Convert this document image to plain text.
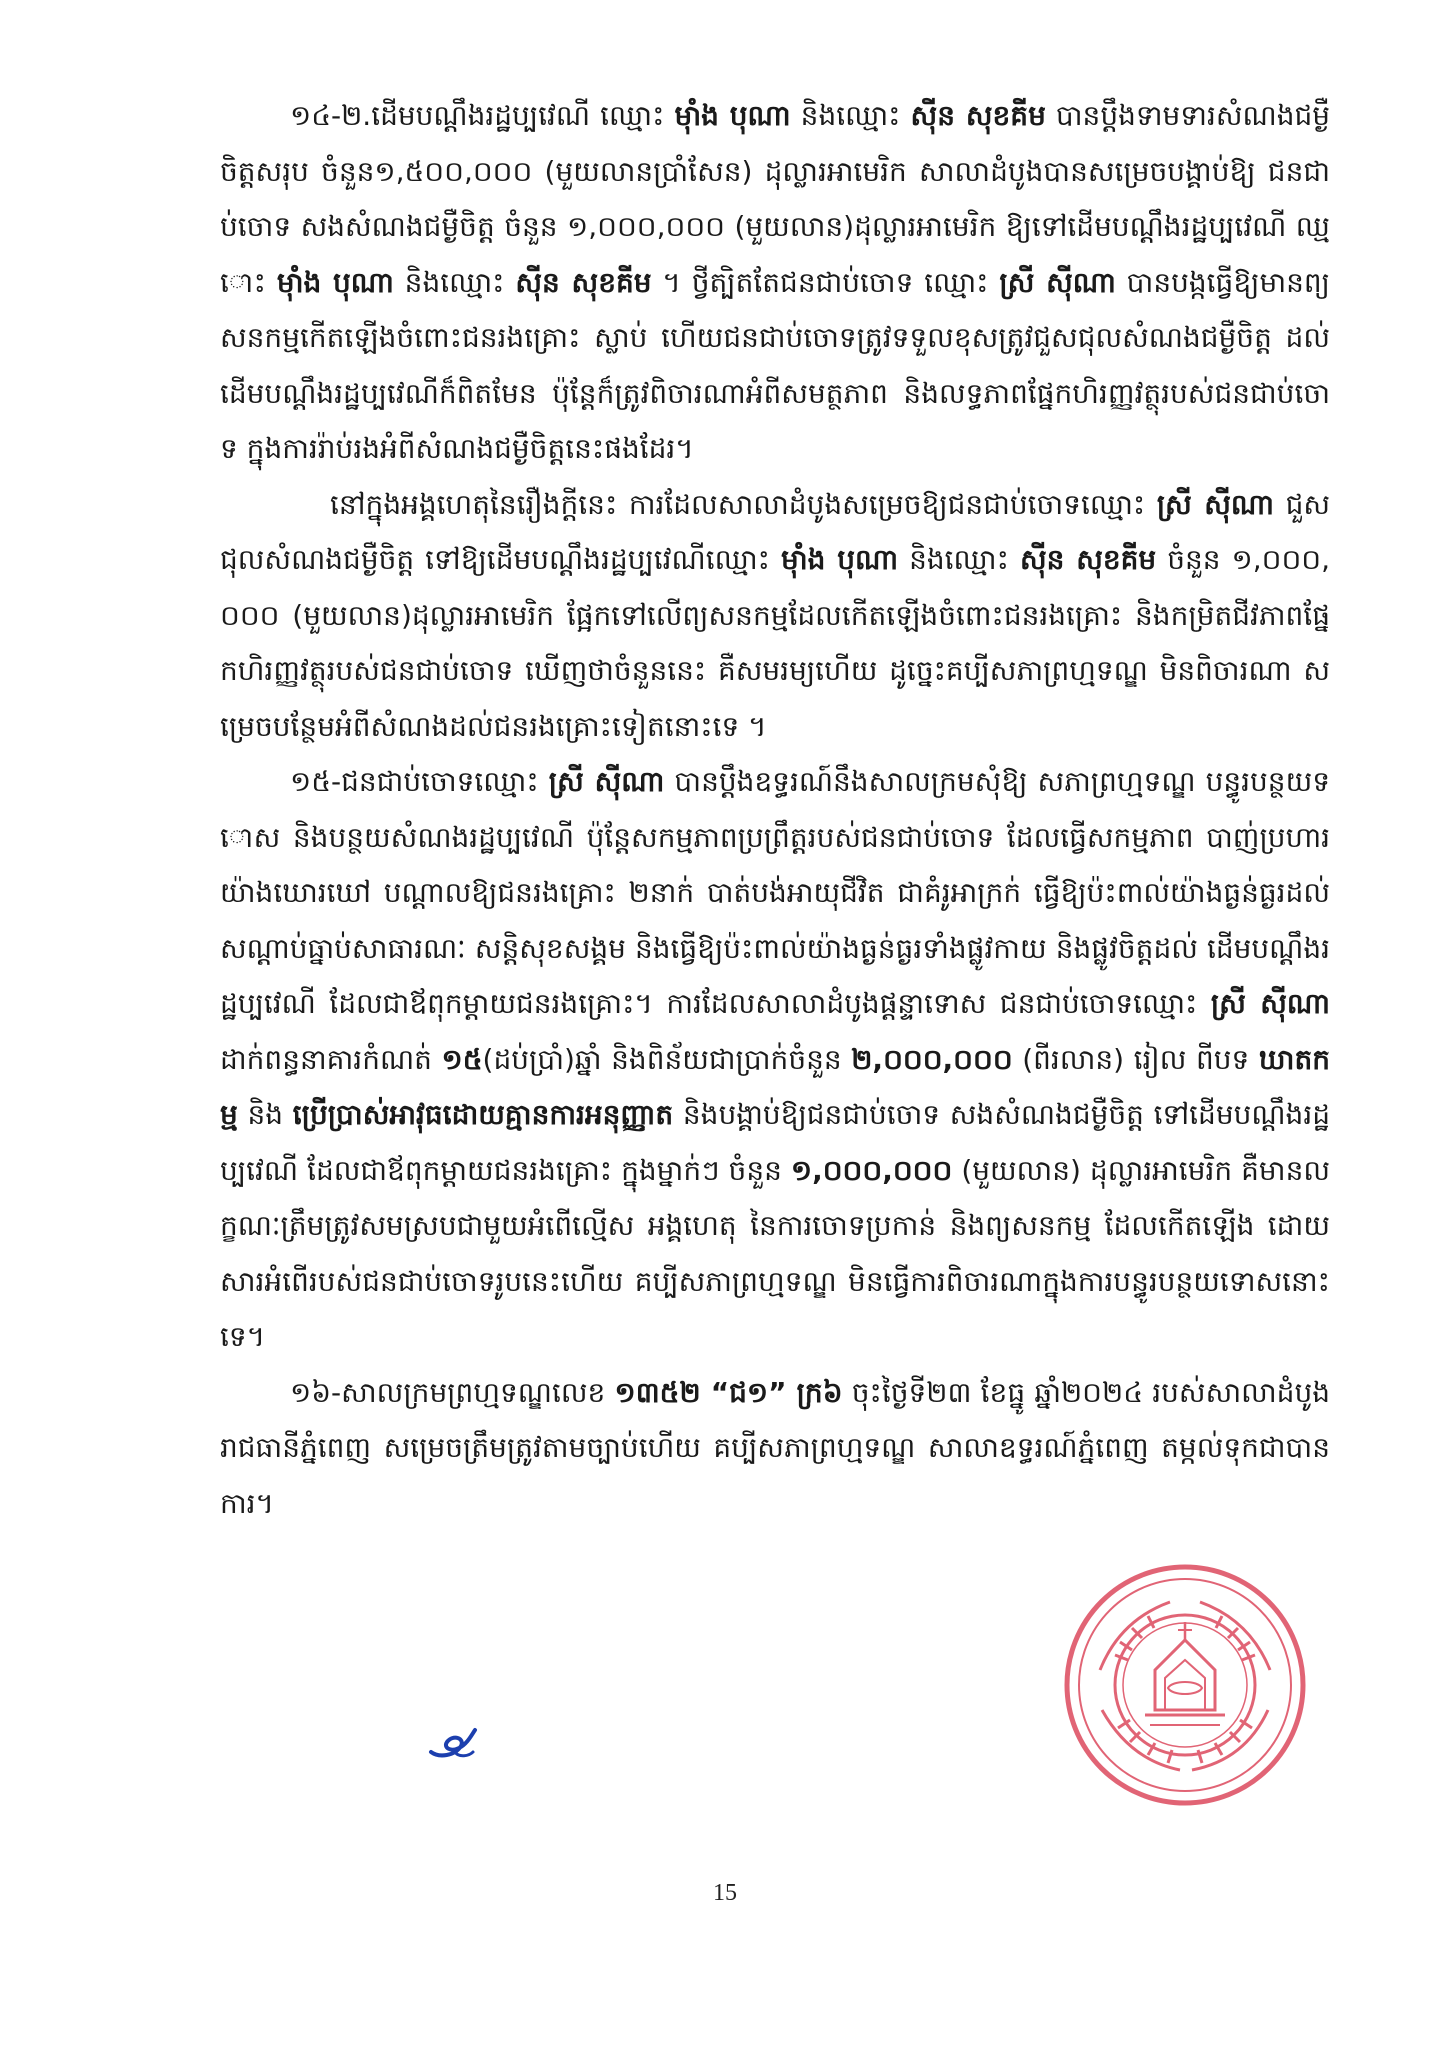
១៤-២.ដើមបណ្តឹងរដ្ឋប្បវេណី ឈ្មោះ ម៉ាំង បុណា និងឈ្មោះ ស៊ីន សុខគីម បានប្តឹងទាមទារសំណងជម្ងឺចិត្តសរុប ចំនួន១,៥០០,០០០ (មួយលានប្រាំសែន) ដុល្លារអាមេរិក សាលាដំបូងបានសម្រេចបង្គាប់ឱ្យ ជនជាប់ចោទ សងសំណងជម្ងឺចិត្ត ចំនួន ១,០០០,០០០ (មួយលាន)ដុល្លារអាមេរិក ឱ្យទៅដើមបណ្តឹងរដ្ឋប្បវេណី ឈ្មោះ ម៉ាំង បុណា និងឈ្មោះ ស៊ីន សុខគីម ។ ថ្វីត្បិតតែជនជាប់ចោទ ឈ្មោះ ស្រី ស៊ីណា បានបង្កធ្វើឱ្យមានព្យសនកម្មកើតឡើងចំពោះជនរងគ្រោះ ស្លាប់ ហើយជនជាប់ចោទត្រូវទទួលខុសត្រូវជួសជុលសំណងជម្ងឺចិត្ត ដល់ដើមបណ្តឹងរដ្ឋប្បវេណីក៏ពិតមែន ប៉ុន្តែក៏ត្រូវពិចារណាអំពីសមត្ថភាព និងលទ្ធភាពផ្នែកហិរញ្ញវត្ថុរបស់ជនជាប់ចោទ ក្នុងការរ៉ាប់រងអំពីសំណងជម្ងឺចិត្តនេះផងដែរ។

នៅក្នុងអង្គហេតុនៃរឿងក្តីនេះ ការដែលសាលាដំបូងសម្រេចឱ្យជនជាប់ចោទឈ្មោះ ស្រី ស៊ីណា ជួសជុលសំណងជម្ងឺចិត្ត ទៅឱ្យដើមបណ្តឹងរដ្ឋប្បវេណីឈ្មោះ ម៉ាំង បុណា និងឈ្មោះ ស៊ីន សុខគីម ចំនួន ១,០០០,០០០ (មួយលាន)ដុល្លារអាមេរិក ផ្អែកទៅលើព្យសនកម្មដែលកើតឡើងចំពោះជនរងគ្រោះ និងកម្រិតជីវភាពផ្នែកហិរញ្ញវត្ថុរបស់ជនជាប់ចោទ ឃើញថាចំនួននេះ គឺសមរម្យហើយ ដូច្នេះគប្បីសភាព្រហ្មទណ្ឌ មិនពិចារណា សម្រេចបន្ថែមអំពីសំណងដល់ជនរងគ្រោះទៀតនោះទេ ។

១៥-ជនជាប់ចោទឈ្មោះ ស្រី ស៊ីណា បានប្តឹងឧទ្ធរណ៍នឹងសាលក្រមសុំឱ្យ សភាព្រហ្មទណ្ឌ បន្ធូរបន្ថយទោស និងបន្ថយសំណងរដ្ឋប្បវេណី ប៉ុន្តែសកម្មភាពប្រព្រឹត្តរបស់ជនជាប់ចោទ ដែលធ្វើសកម្មភាព បាញ់ប្រហារយ៉ាងឃោរឃៅ បណ្តាលឱ្យជនរងគ្រោះ ២នាក់ បាត់បង់អាយុជីវិត ជាគំរូអាក្រក់ ធ្វើឱ្យប៉ះពាល់យ៉ាងធ្ងន់ធ្ងរដល់សណ្តាប់ធ្នាប់សាធារណៈ សន្តិសុខសង្គម និងធ្វើឱ្យប៉ះពាល់យ៉ាងធ្ងន់ធ្ងរទាំងផ្លូវកាយ និងផ្លូវចិត្តដល់ ដើមបណ្តឹងរដ្ឋប្បវេណី ដែលជាឪពុកម្តាយជនរងគ្រោះ។ ការដែលសាលាដំបូងផ្តន្ទាទោស ជនជាប់ចោទឈ្មោះ ស្រី ស៊ីណា ដាក់ពន្ធនាគារកំណត់ ១៥(ដប់ប្រាំ)ឆ្នាំ និងពិន័យជាប្រាក់ចំនួន ២,០០០,០០០ (ពីរលាន) រៀល ពីបទ ឃាតកម្ម និង ប្រើប្រាស់អាវុធដោយគ្មានការអនុញ្ញាត និងបង្គាប់ឱ្យជនជាប់ចោទ សងសំណងជម្ងឺចិត្ត ទៅដើមបណ្តឹងរដ្ឋប្បវេណី ដែលជាឪពុកម្តាយជនរងគ្រោះ ក្នុងម្នាក់ៗ ចំនួន ១,០០០,០០០ (មួយលាន) ដុល្លារអាមេរិក គឺមានលក្ខណៈត្រឹមត្រូវសមស្របជាមួយអំពើល្មើស អង្គហេតុ នៃការចោទប្រកាន់ និងព្យសនកម្ម ដែលកើតឡើង ដោយសារអំពើរបស់ជនជាប់ចោទរូបនេះហើយ គប្បីសភាព្រហ្មទណ្ឌ មិនធ្វើការពិចារណាក្នុងការបន្ធូរបន្ថយទោសនោះទេ។

១៦-សាលក្រមព្រហ្មទណ្ឌលេខ ១៣៥២ “ជ១” ក្រ៦ ចុះថ្ងៃទី២៣ ខែធ្នូ ឆ្នាំ២០២៤ របស់សាលាដំបូងរាជធានីភ្នំពេញ សម្រេចត្រឹមត្រូវតាមច្បាប់ហើយ គប្បីសភាព្រហ្មទណ្ឌ សាលាឧទ្ធរណ៍ភ្នំពេញ តម្កល់ទុកជាបានការ។

15
